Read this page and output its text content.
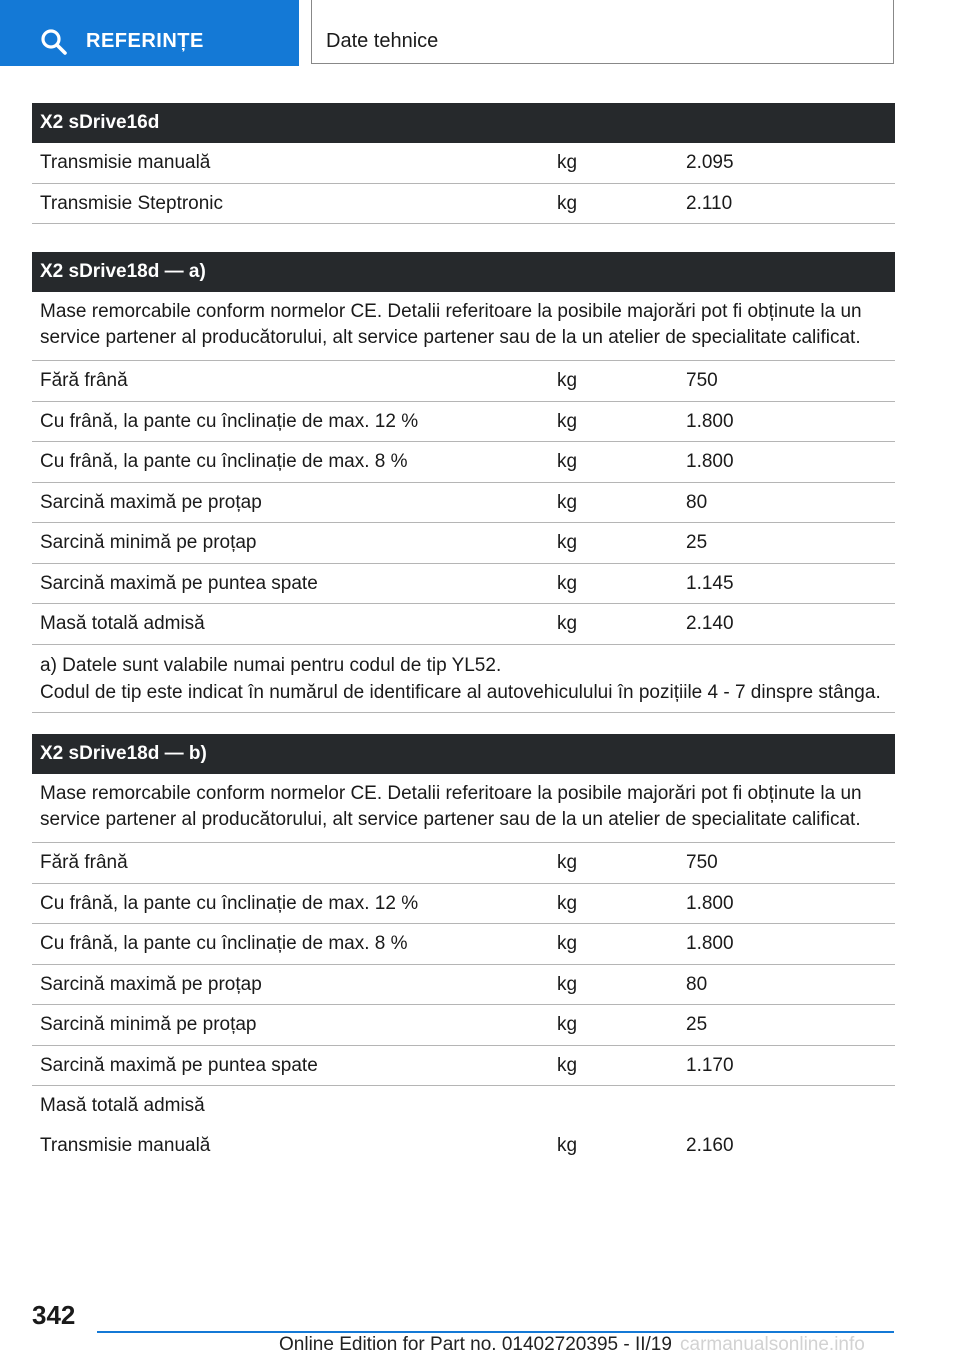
REFERINȚE	Date tehnice
X2 sDrive16d
Transmisie manuală	kg	2.095
Transmisie Steptronic	kg	2.110
X2 sDrive18d — a)
Mase remorcabile conform normelor CE. Detalii referitoare la posibile majorări pot fi obținute la un service partener al producătorului, alt service partener sau de la un atelier de specialitate calificat.
Fără frână	kg	750
Cu frână, la pante cu înclinație de max. 12 %	kg	1.800
Cu frână, la pante cu înclinație de max. 8 %	kg	1.800
Sarcină maximă pe proțap	kg	80
Sarcină minimă pe proțap	kg	25
Sarcină maximă pe puntea spate	kg	1.145
Masă totală admisă	kg	2.140
a) Datele sunt valabile numai pentru codul de tip YL52.
Codul de tip este indicat în numărul de identificare al autovehiculului în pozițiile 4 - 7 dinspre stânga.
X2 sDrive18d — b)
Mase remorcabile conform normelor CE. Detalii referitoare la posibile majorări pot fi obținute la un service partener al producătorului, alt service partener sau de la un atelier de specialitate calificat.
Fără frână	kg	750
Cu frână, la pante cu înclinație de max. 12 %	kg	1.800
Cu frână, la pante cu înclinație de max. 8 %	kg	1.800
Sarcină maximă pe proțap	kg	80
Sarcină minimă pe proțap	kg	25
Sarcină maximă pe puntea spate	kg	1.170
Masă totală admisă
Transmisie manuală	kg	2.160
342
Online Edition for Part no. 01402720395 - II/19 carmanualsonline.info
